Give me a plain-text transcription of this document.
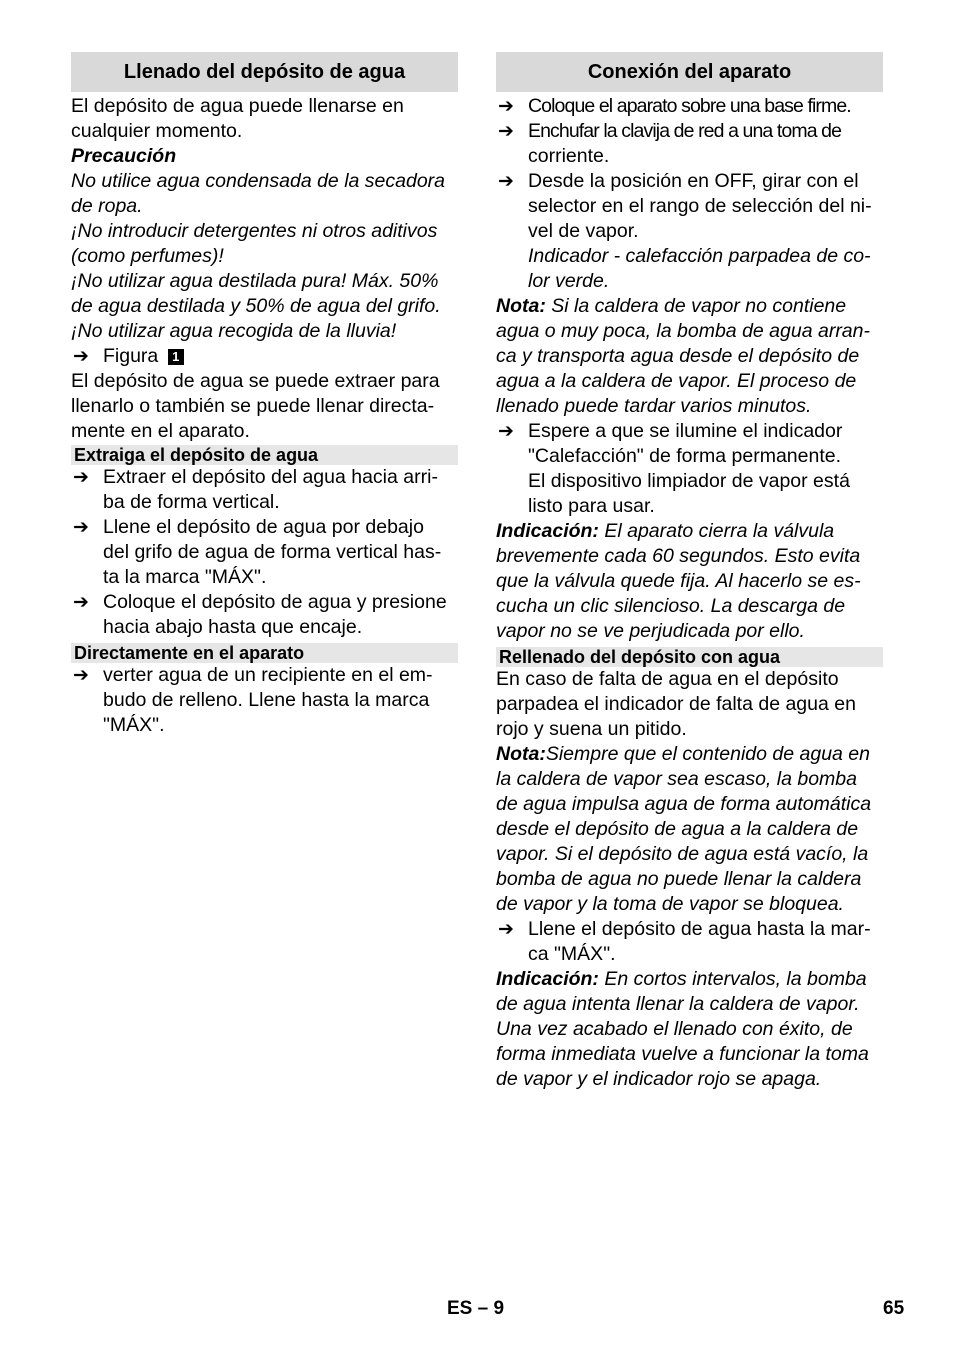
Llenado del depósito de agua
El depósito de agua puede llenarse en
cualquier momento.
Precaución
No utilice agua condensada de la secadora
de ropa.
¡No introducir detergentes ni otros aditivos
(como perfumes)!
¡No utilizar agua destilada pura! Máx. 50%
de agua destilada y 50% de agua del grifo.
¡No utilizar agua recogida de la lluvia!
➔ Figura 1
El depósito de agua se puede extraer para
llenarlo o también se puede llenar directa-
mente en el aparato.
Extraiga el depósito de agua
➔ Extraer el depósito del agua hacia arri-
ba de forma vertical.
➔ Llene el depósito de agua por debajo
del grifo de agua de forma vertical has-
ta la marca "MÁX".
➔ Coloque el depósito de agua y presione
hacia abajo hasta que encaje.
Directamente en el aparato
➔ verter agua de un recipiente en el em-
budo de relleno. Llene hasta la marca
"MÁX".
Conexión del aparato
➔ Coloque el aparato sobre una base firme.
➔ Enchufar la clavija de red a una toma de
corriente.
➔ Desde la posición en OFF, girar con el
selector en el rango de selección del ni-
vel de vapor.
Indicador - calefacción parpadea de co-
lor verde.
Nota: Si la caldera de vapor no contiene
agua o muy poca, la bomba de agua arran-
ca y transporta agua desde el depósito de
agua a la caldera de vapor. El proceso de
llenado puede tardar varios minutos.
➔ Espere a que se ilumine el indicador
"Calefacción" de forma permanente.
El dispositivo limpiador de vapor está
listo para usar.
Indicación: El aparato cierra la válvula
brevemente cada 60 segundos. Esto evita
que la válvula quede fija. Al hacerlo se es-
cucha un clic silencioso. La descarga de
vapor no se ve perjudicada por ello.
Rellenado del depósito con agua
En caso de falta de agua en el depósito
parpadea el indicador de falta de agua en
rojo y suena un pitido.
Nota:Siempre que el contenido de agua en
la caldera de vapor sea escaso, la bomba
de agua impulsa agua de forma automática
desde el depósito de agua a la caldera de
vapor. Si el depósito de agua está vacío, la
bomba de agua no puede llenar la caldera
de vapor y la toma de vapor se bloquea.
➔ Llene el depósito de agua hasta la mar-
ca "MÁX".
Indicación: En cortos intervalos, la bomba
de agua intenta llenar la caldera de vapor.
Una vez acabado el llenado con éxito, de
forma inmediata vuelve a funcionar la toma
de vapor y el indicador rojo se apaga.
ES – 9	65
